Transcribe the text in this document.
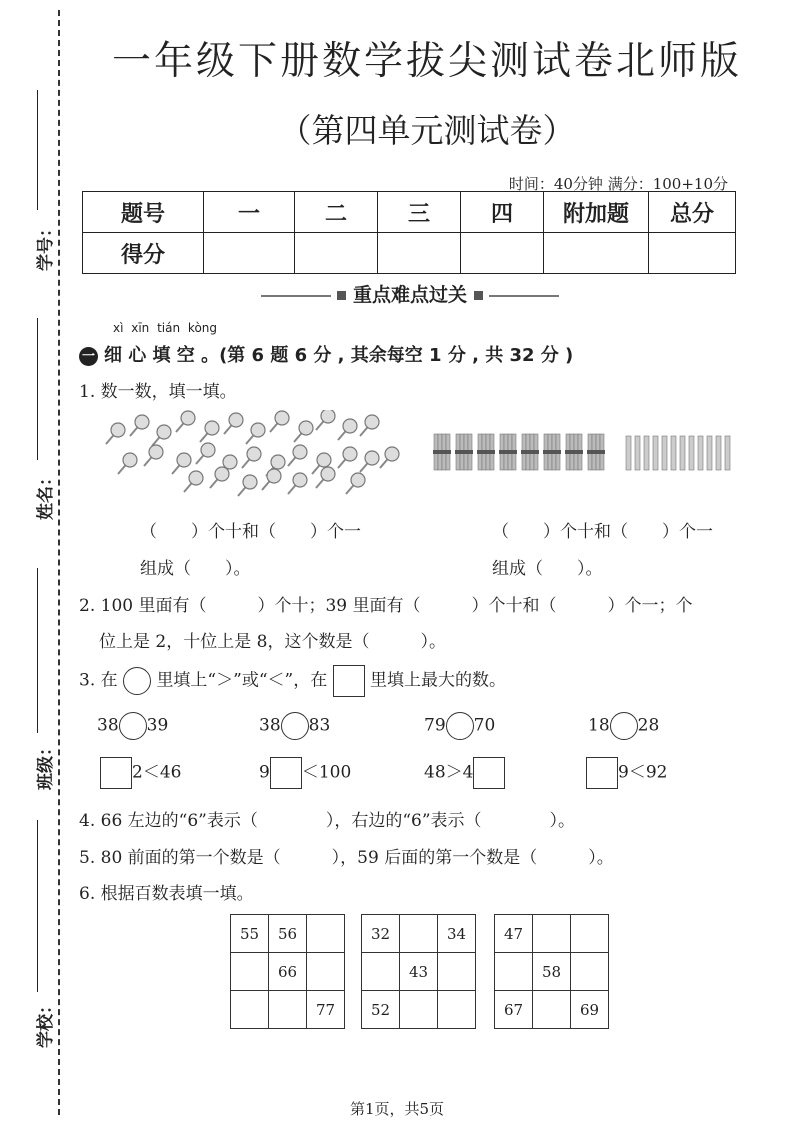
学号：
姓名：
班级：
学校：
一年级下册数学拔尖测试卷北师版
（第四单元测试卷）
时间：40分钟 满分：100+10分
题号	一	二	三	四	附加题	总分
得分						
重点难点过关
xì xīn tián kòng
一 细 心 填 空 。(第 6 题 6 分 , 其余每空 1 分 , 共 32 分 )
1. 数一数，填一填。
（　　）个十和（　　）个一
组成（　　）。
（　　）个十和（　　）个一
组成（　　）。
2. 100 里面有（　　　）个十；39 里面有（　　　）个十和（　　　）个一；个
位上是 2，十位上是 8，这个数是（　　　）。
3. 在 里填上“＞”或“＜”，在	里填上最大的数。
38 39	38 83	79 70	18 28
2＜46	9 ＜100	48＞4	9＜92
4. 66 左边的“6”表示（　　　　），右边的“6”表示（　　　　）。
5. 80 前面的第一个数是（　　　），59 后面的第一个数是（　　　）。
6. 根据百数表填一填。
55	56	
	66	
		77
32		34
	43	
52		
47		
	58	
67		69
第1页，共5页
